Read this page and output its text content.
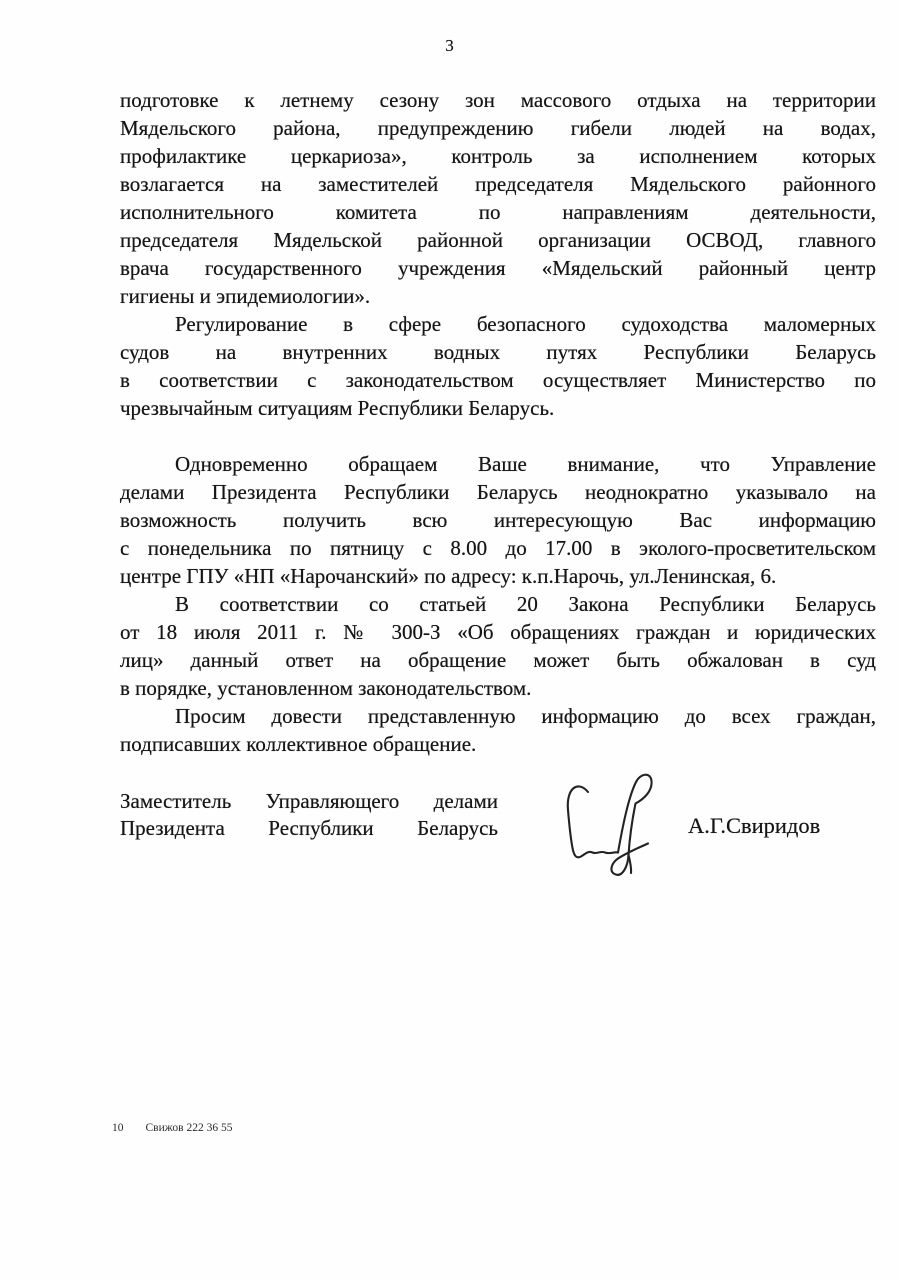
3
подготовке к летнему сезону зон массового отдыха на территории
Мядельского района, предупреждению гибели людей на водах,
профилактике церкариоза», контроль за исполнением которых
возлагается на заместителей председателя Мядельского районного
исполнительного комитета по направлениям деятельности,
председателя Мядельской районной организации ОСВОД, главного
врача государственного учреждения «Мядельский районный центр
гигиены и эпидемиологии».
Регулирование в сфере безопасного судоходства маломерных
судов на внутренних водных путях Республики Беларусь
в соответствии с законодательством осуществляет Министерство по
чрезвычайным ситуациям Республики Беларусь.
Одновременно обращаем Ваше внимание, что Управление
делами Президента Республики Беларусь неоднократно указывало на
возможность получить всю интересующую Вас информацию
с понедельника по пятницу с 8.00 до 17.00 в эколого-просветительском
центре ГПУ «НП «Нарочанский» по адресу: к.п.Нарочь, ул.Ленинская, 6.
В соответствии со статьей 20 Закона Республики Беларусь
от 18 июля 2011 г. № 300-З «Об обращениях граждан и юридических
лиц» данный ответ на обращение может быть обжалован в суд
в порядке, установленном законодательством.
Просим довести представленную информацию до всех граждан,
подписавших коллективное обращение.
Заместитель Управляющего делами
Президента Республики Беларусь	А.Г.Свиридов
10 Свижов 222 36 55
